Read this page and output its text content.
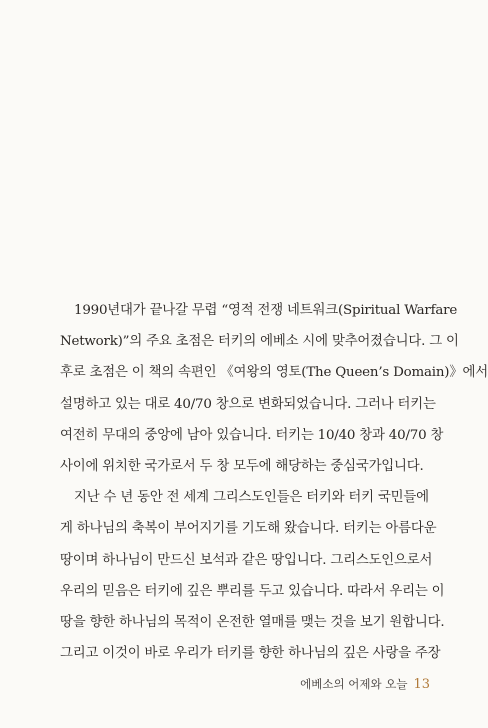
1990년대가 끝나갈 무렵 “영적 전쟁 네트워크(Spiritual Warfare
Network)”의 주요 초점은 터키의 에베소 시에 맞추어졌습니다. 그 이
후로 초점은 이 책의 속편인 《여왕의 영토(The Queen’s Domain)》에서
설명하고 있는 대로 40/70 창으로 변화되었습니다. 그러나 터키는
여전히 무대의 중앙에 남아 있습니다. 터키는 10/40 창과 40/70 창
사이에 위치한 국가로서 두 창 모두에 해당하는 중심국가입니다.
지난 수 년 동안 전 세계 그리스도인들은 터키와 터키 국민들에
게 하나님의 축복이 부어지기를 기도해 왔습니다. 터키는 아름다운
땅이며 하나님이 만드신 보석과 같은 땅입니다. 그리스도인으로서
우리의 믿음은 터키에 깊은 뿌리를 두고 있습니다. 따라서 우리는 이
땅을 향한 하나님의 목적이 온전한 열매를 맺는 것을 보기 원합니다.
그리고 이것이 바로 우리가 터키를 향한 하나님의 깊은 사랑을 주장
에베소의 어제와 오늘 13
